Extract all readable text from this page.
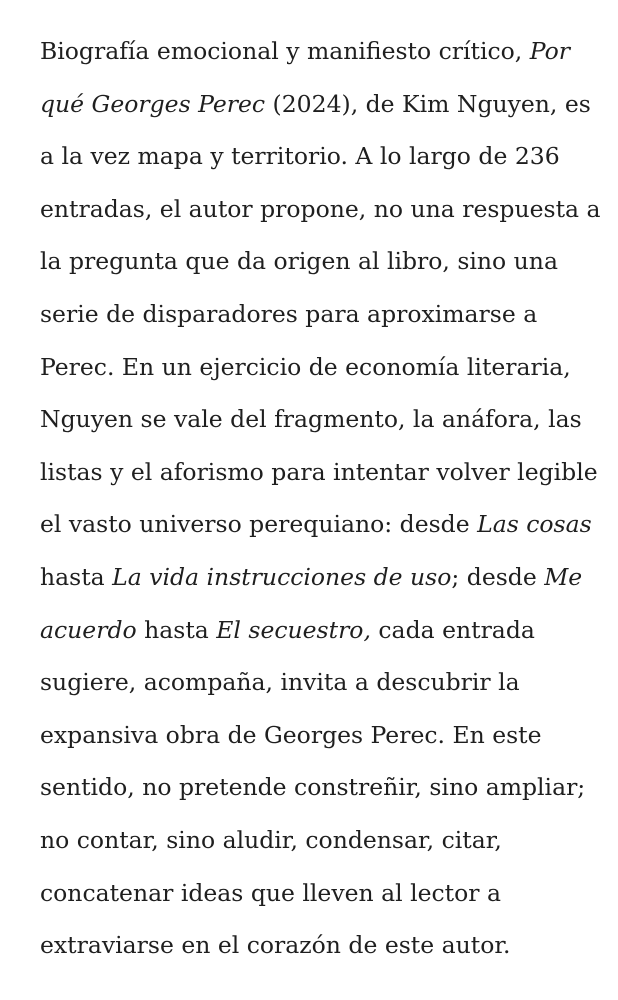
Biografía emocional y manifiesto crítico, Por
qué Georges Perec (2024), de Kim Nguyen, es
a la vez mapa y territorio. A lo largo de 236
entradas, el autor propone, no una respuesta a
la pregunta que da origen al libro, sino una
serie de disparadores para aproximarse a
Perec. En un ejercicio de economía literaria,
Nguyen se vale del fragmento, la anáfora, las
listas y el aforismo para intentar volver legible
el vasto universo perequiano: desde Las cosas
hasta La vida instrucciones de uso; desde Me
acuerdo hasta El secuestro, cada entrada
sugiere, acompaña, invita a descubrir la
expansiva obra de Georges Perec. En este
sentido, no pretende constreñir, sino ampliar;
no contar, sino aludir, condensar, citar,
concatenar ideas que lleven al lector a
extraviarse en el corazón de este autor.
